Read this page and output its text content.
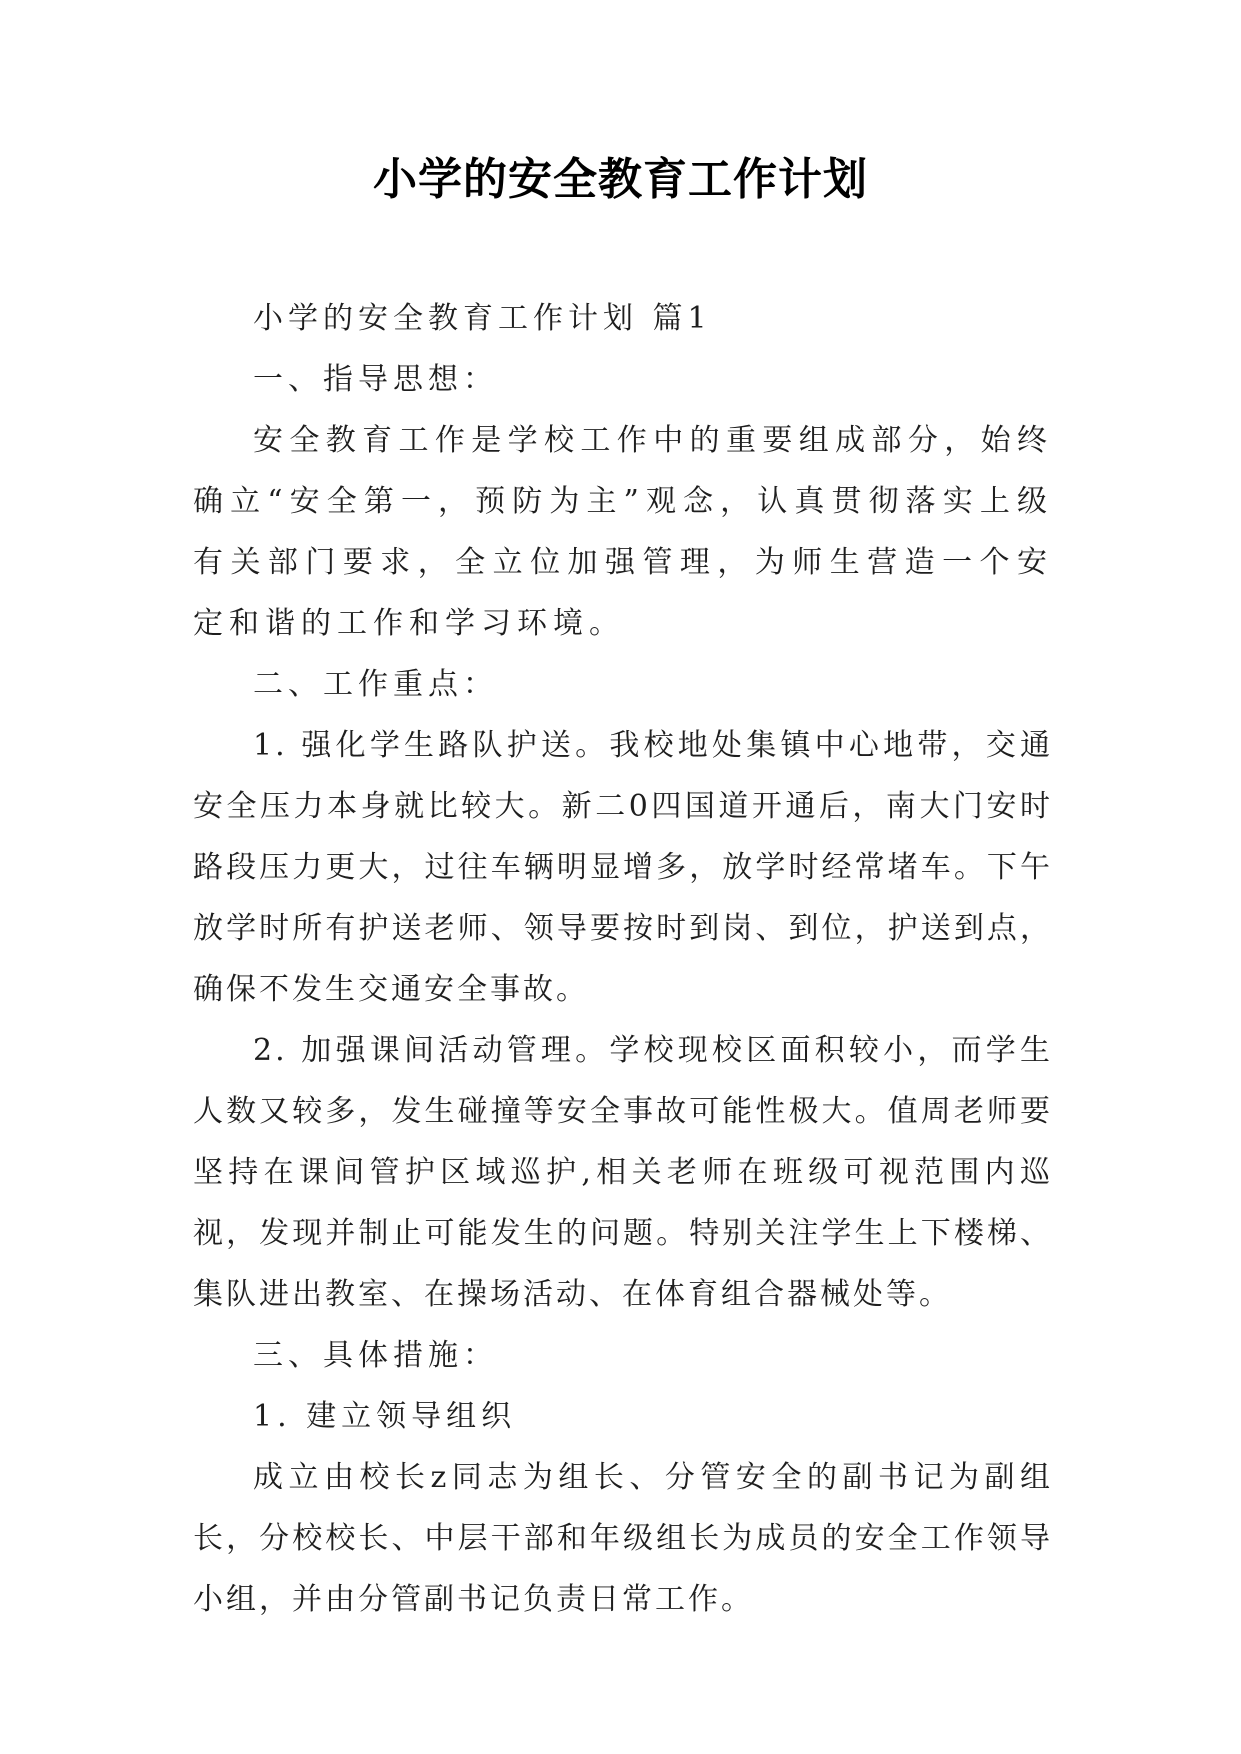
小学的安全教育工作计划

小学的安全教育工作计划 篇1

一、指导思想：

安全教育工作是学校工作中的重要组成部分，始终确立“安全第一，预防为主”观念，认真贯彻落实上级有关部门要求，全立位加强管理，为师生营造一个安定和谐的工作和学习环境。

二、工作重点：

1. 强化学生路队护送。我校地处集镇中心地带，交通安全压力本身就比较大。新二0四国道开通后，南大门安时路段压力更大，过往车辆明显增多，放学时经常堵车。下午放学时所有护送老师、领导要按时到岗、到位，护送到点，确保不发生交通安全事故。

2. 加强课间活动管理。学校现校区面积较小，而学生人数又较多，发生碰撞等安全事故可能性极大。值周老师要坚持在课间管护区域巡护,相关老师在班级可视范围内巡视，发现并制止可能发生的问题。特别关注学生上下楼梯、集队进出教室、在操场活动、在体育组合器械处等。

三、具体措施：

1. 建立领导组织

成立由校长z同志为组长、分管安全的副书记为副组长，分校校长、中层干部和年级组长为成员的安全工作领导小组，并由分管副书记负责日常工作。
